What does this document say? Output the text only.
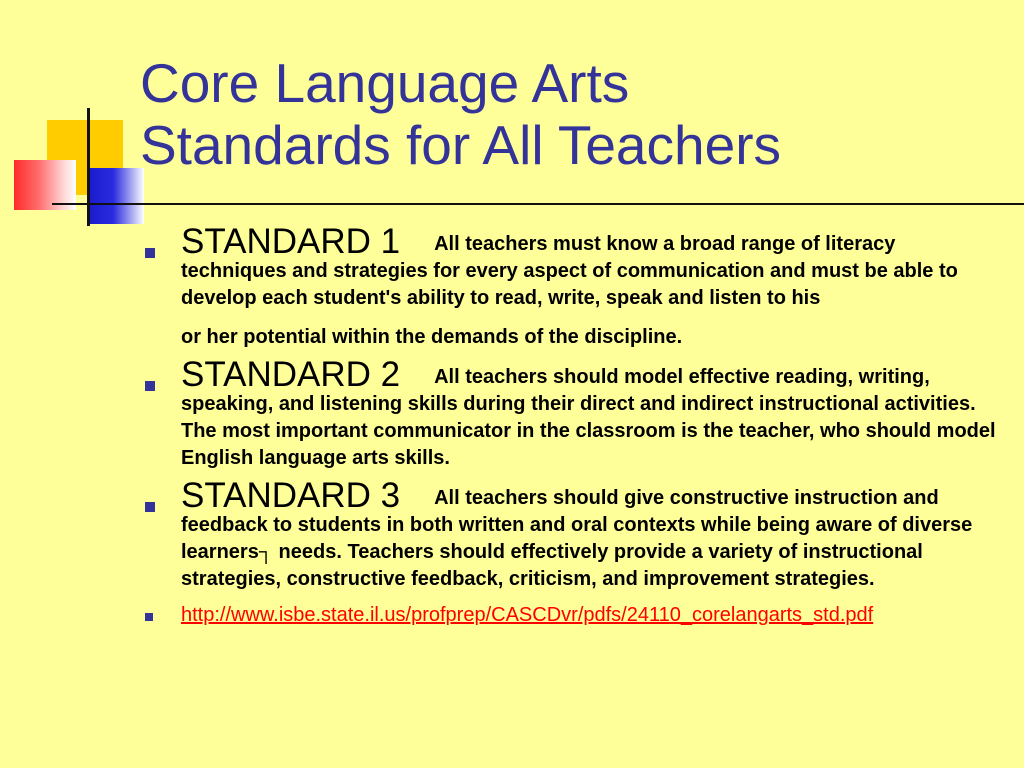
Core Language Arts
Standards for All Teachers
STANDARD 1 All teachers must know a broad range of literacy techniques and strategies for every aspect of communication and must be able to develop each student's ability to read, write, speak and listen to his
or her potential within the demands of the discipline.
STANDARD 2 All teachers should model effective reading, writing, speaking, and listening skills during their direct and indirect instructional activities. The most important communicator in the classroom is the teacher, who should model English language arts skills.
STANDARD 3 All teachers should give constructive instruction and feedback to students in both written and oral contexts while being aware of diverse learners┐ needs. Teachers should effectively provide a variety of instructional strategies, constructive feedback, criticism, and improvement strategies.
http://www.isbe.state.il.us/profprep/CASCDvr/pdfs/24110_corelangarts_std.pdf
